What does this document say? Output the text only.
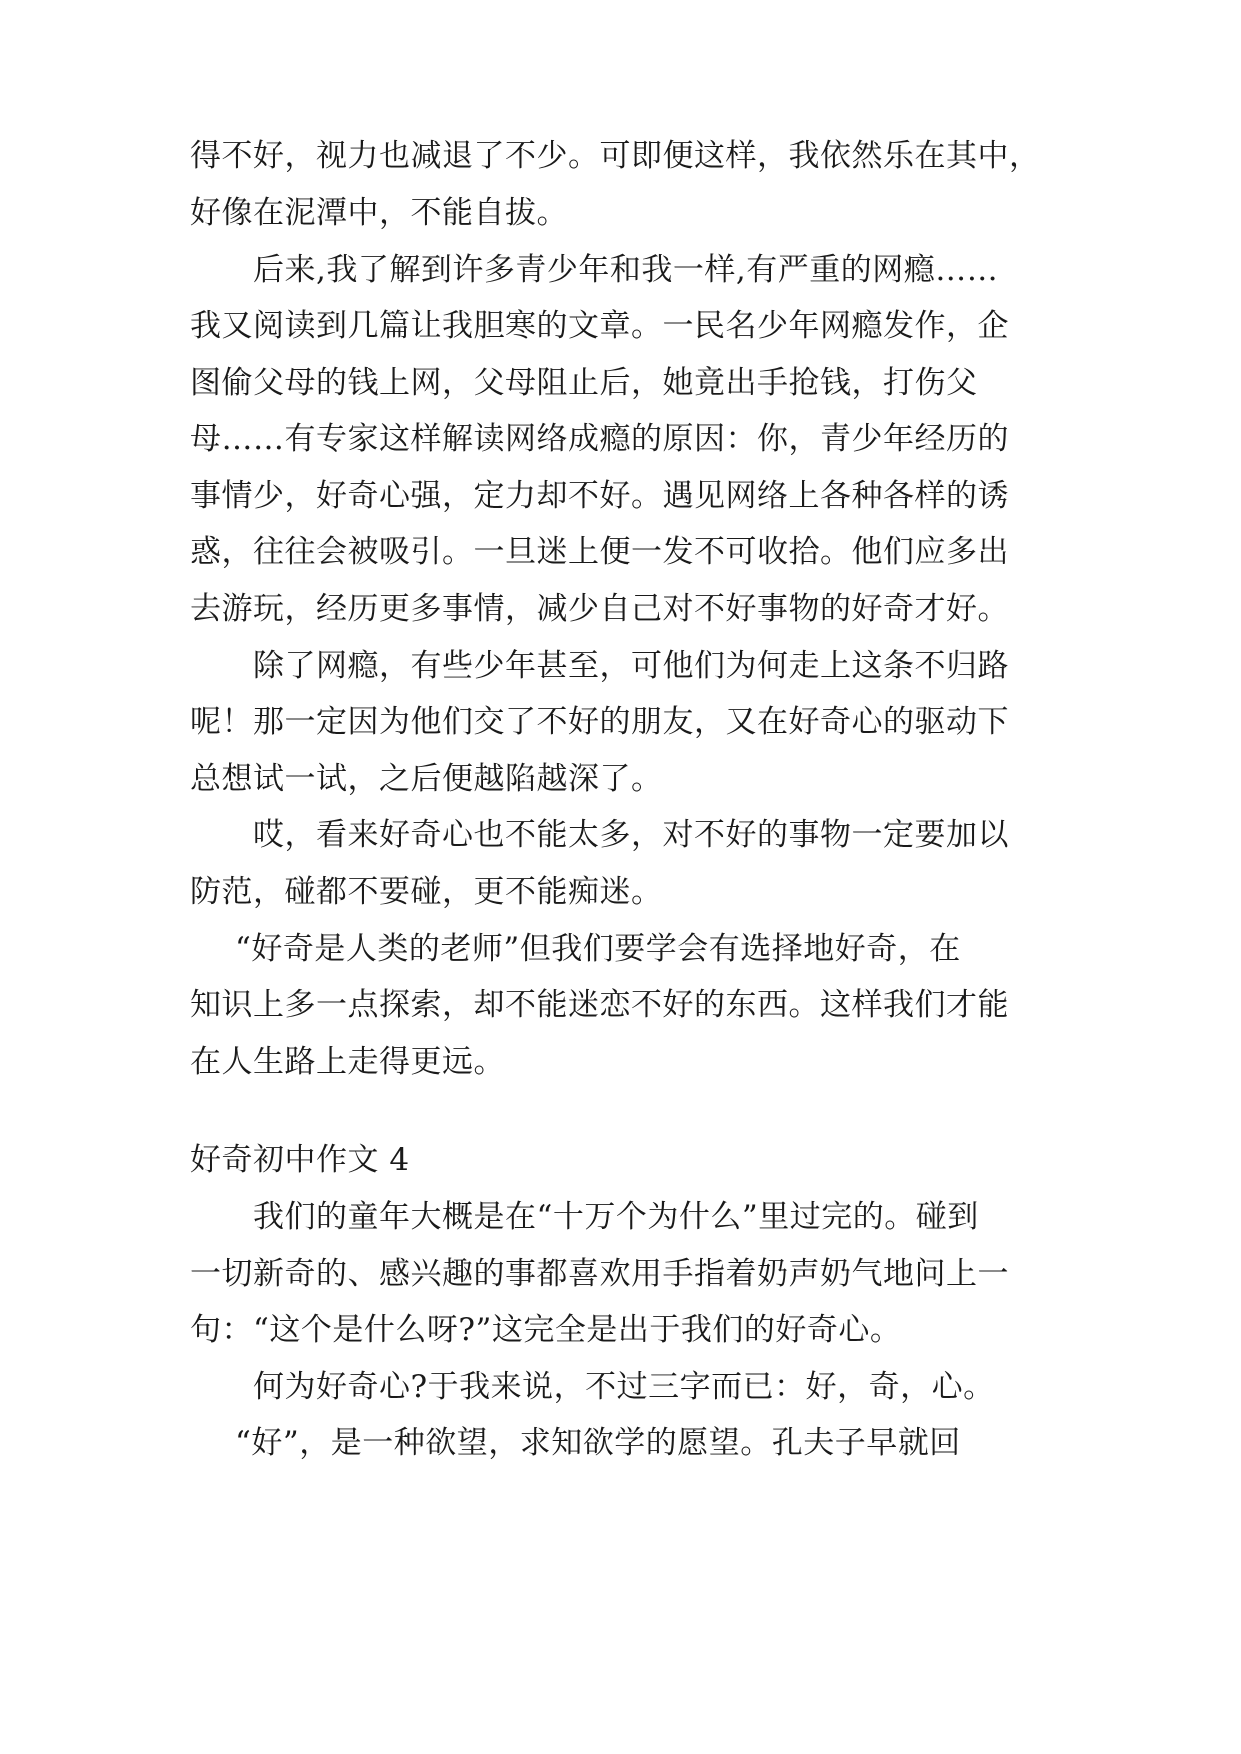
得不好，视力也减退了不少。可即便这样，我依然乐在其中，
好像在泥潭中，不能自拔。
后来,我了解到许多青少年和我一样,有严重的网瘾……
我又阅读到几篇让我胆寒的文章。一民名少年网瘾发作，企
图偷父母的钱上网，父母阻止后，她竟出手抢钱，打伤父
母……有专家这样解读网络成瘾的原因：你，青少年经历的
事情少，好奇心强，定力却不好。遇见网络上各种各样的诱
惑，往往会被吸引。一旦迷上便一发不可收拾。他们应多出
去游玩，经历更多事情，减少自己对不好事物的好奇才好。
除了网瘾，有些少年甚至，可他们为何走上这条不归路
呢！那一定因为他们交了不好的朋友，又在好奇心的驱动下
总想试一试，之后便越陷越深了。
哎，看来好奇心也不能太多，对不好的事物一定要加以
防范，碰都不要碰，更不能痴迷。
“好奇是人类的老师”但我们要学会有选择地好奇，在
知识上多一点探索，却不能迷恋不好的东西。这样我们才能
在人生路上走得更远。
好奇初中作文 4
我们的童年大概是在“十万个为什么”里过完的。碰到
一切新奇的、感兴趣的事都喜欢用手指着奶声奶气地问上一
句：“这个是什么呀?”这完全是出于我们的好奇心。
何为好奇心?于我来说，不过三字而已：好，奇，心。
“好”，是一种欲望，求知欲学的愿望。孔夫子早就回
